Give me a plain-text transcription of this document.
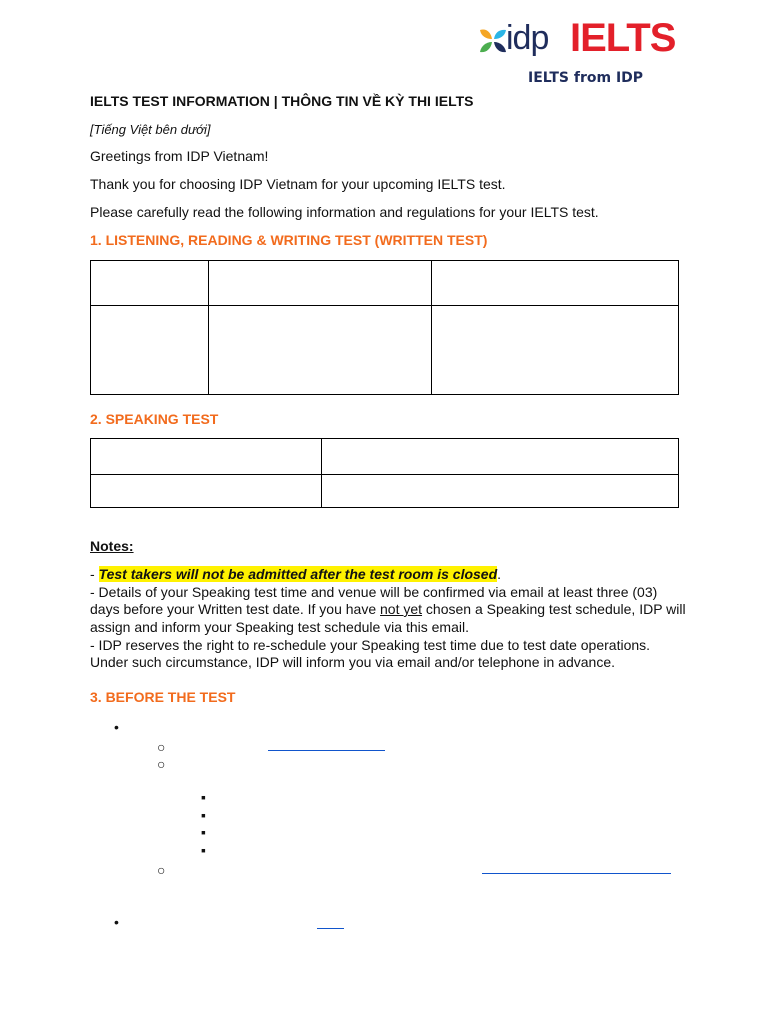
idp IELTS
IELTS from IDP
IELTS TEST INFORMATION | THÔNG TIN VỀ KỲ THI IELTS
[Tiếng Việt bên dưới]
Greetings from IDP Vietnam!
Thank you for choosing IDP Vietnam for your upcoming IELTS test.
Please carefully read the following information and regulations for your IELTS test.
1. LISTENING, READING & WRITING TEST (WRITTEN TEST)

2. SPEAKING TEST

Notes:
- Test takers will not be admitted after the test room is closed.
- Details of your Speaking test time and venue will be confirmed via email at least three (03)
days before your Written test date. If you have not yet chosen a Speaking test schedule, IDP will
assign and inform your Speaking test schedule via this email.
- IDP reserves the right to re-schedule your Speaking test time due to test date operations.
Under such circumstance, IDP will inform you via email and/or telephone in advance.
3. BEFORE THE TEST
•
○
○
▪
▪
▪
▪
○
•
